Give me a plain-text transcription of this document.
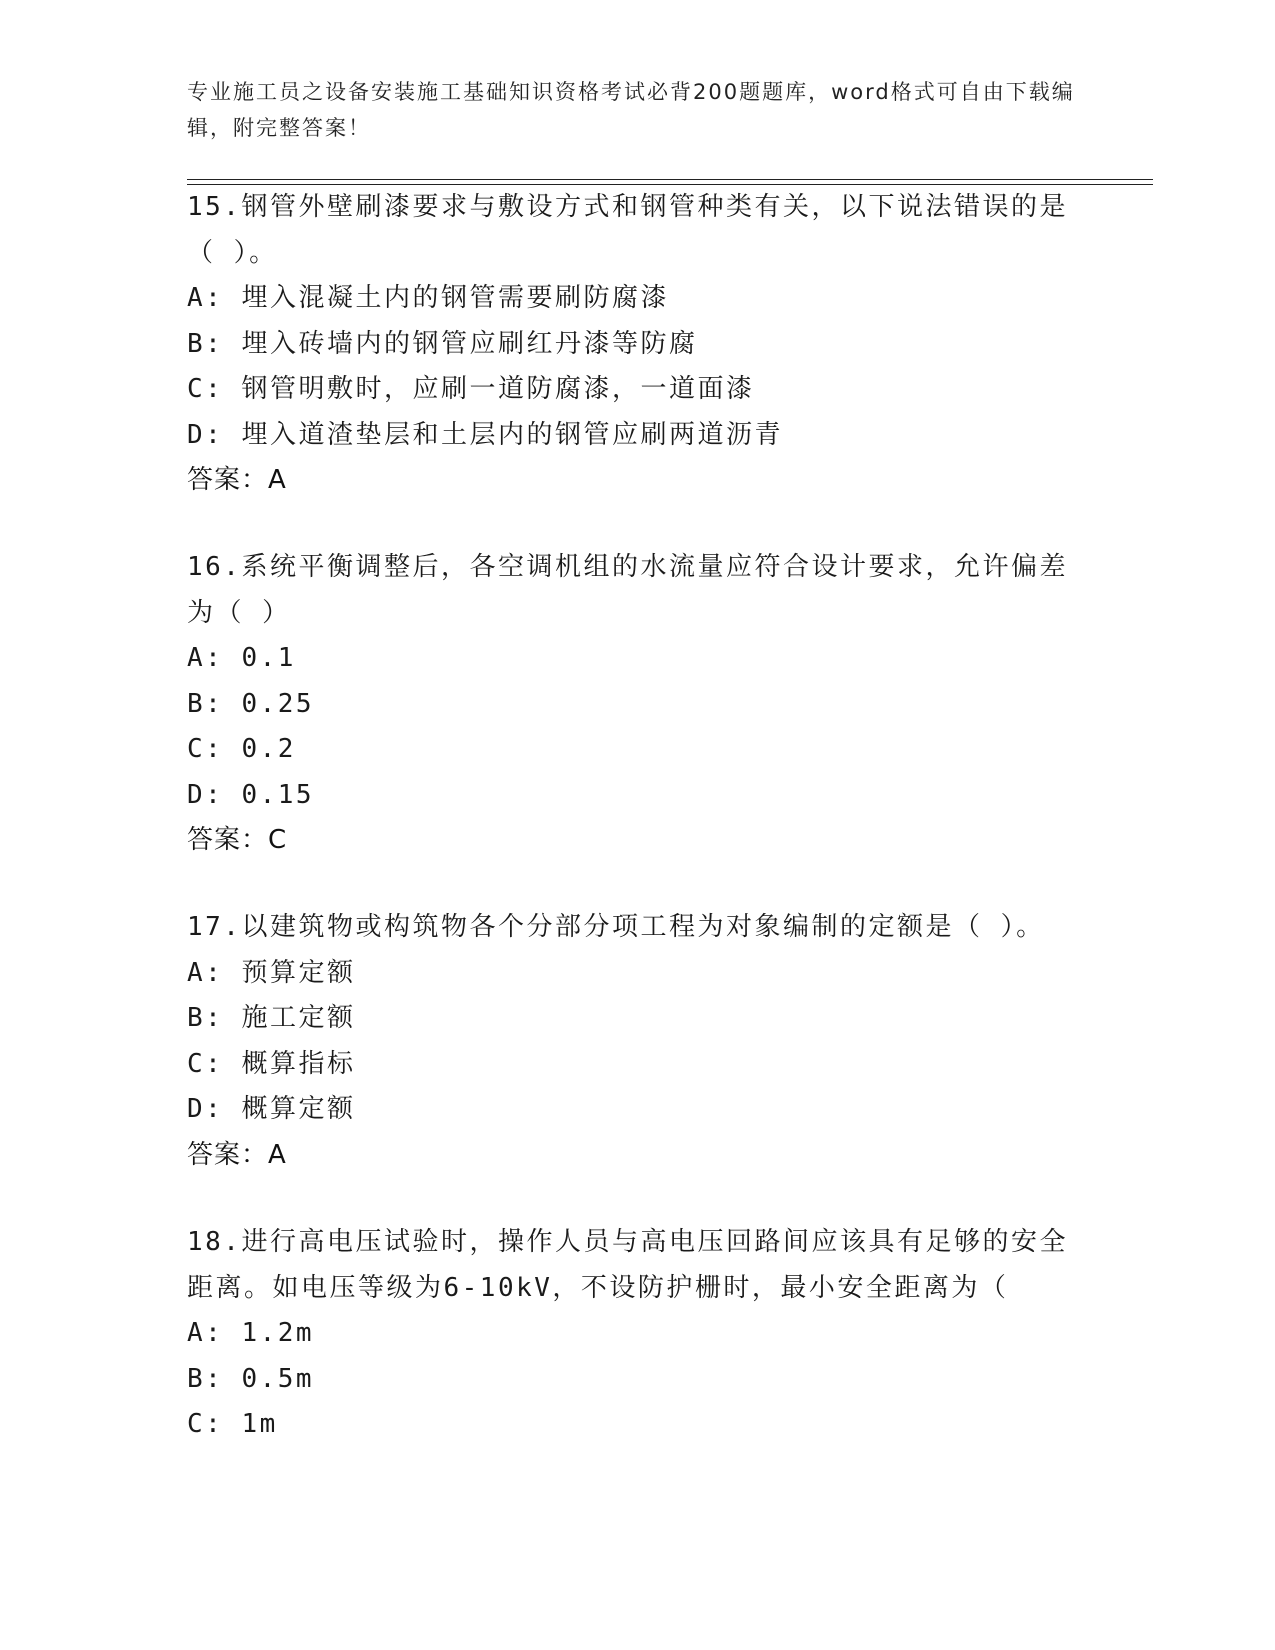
专业施工员之设备安装施工基础知识资格考试必背200题题库，word格式可自由下载编辑，附完整答案！
15.钢管外壁刷漆要求与敷设方式和钢管种类有关，以下说法错误的是（ ）。
A: 埋入混凝土内的钢管需要刷防腐漆
B: 埋入砖墙内的钢管应刷红丹漆等防腐
C: 钢管明敷时，应刷一道防腐漆，一道面漆
D: 埋入道渣垫层和土层内的钢管应刷两道沥青
答案：A
16.系统平衡调整后，各空调机组的水流量应符合设计要求，允许偏差为（ ）
A: 0.1
B: 0.25
C: 0.2
D: 0.15
答案：C
17.以建筑物或构筑物各个分部分项工程为对象编制的定额是（ ）。
A: 预算定额
B: 施工定额
C: 概算指标
D: 概算定额
答案：A
18.进行高电压试验时，操作人员与高电压回路间应该具有足够的安全距离。如电压等级为6-10kV，不设防护栅时，最小安全距离为（
A: 1.2m
B: 0.5m
C: 1m
